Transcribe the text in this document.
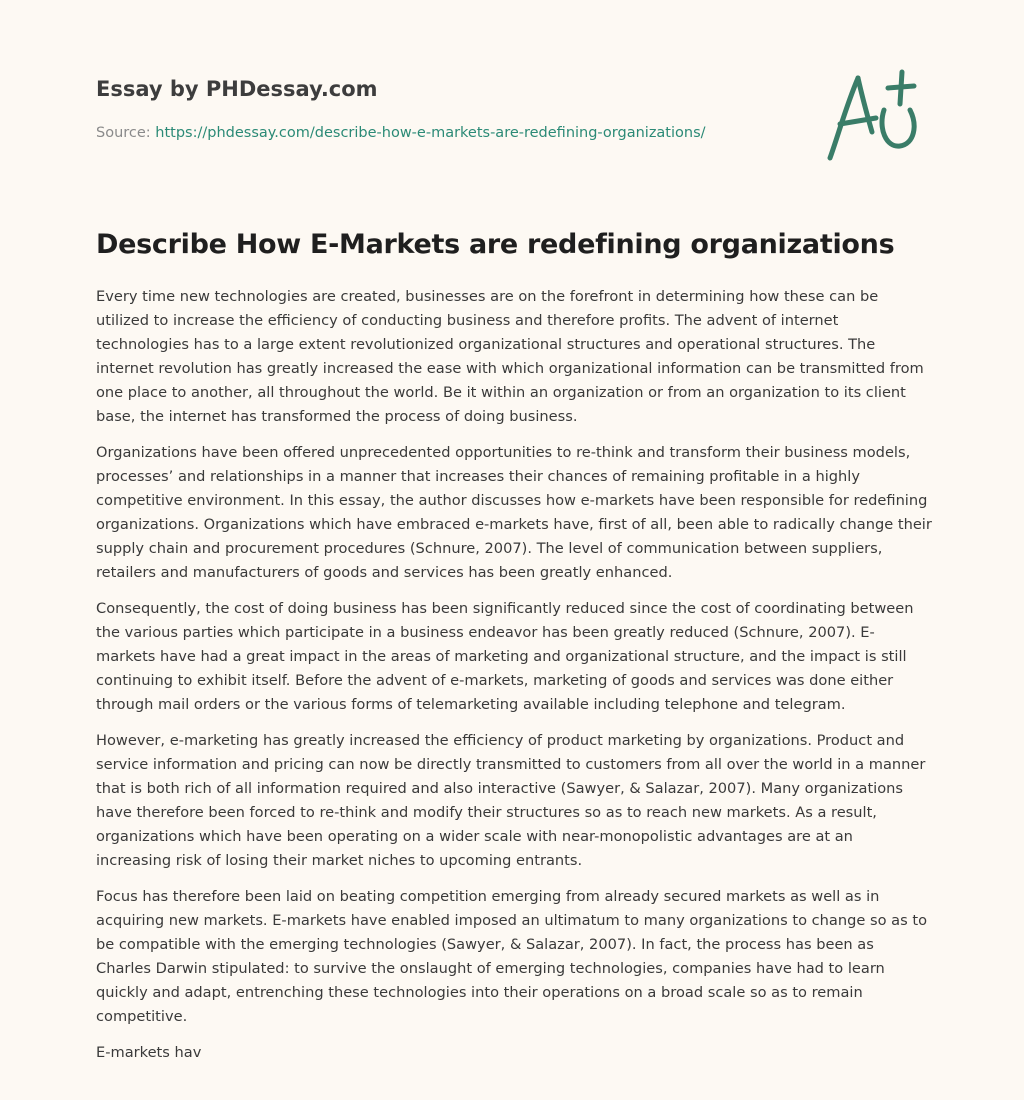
Essay by PHDessay.com
Source: https://phdessay.com/describe-how-e-markets-are-redefining-organizations/
Describe How E-Markets are redefining organizations

Every time new technologies are created, businesses are on the forefront in determining how these can be utilized to increase the efficiency of conducting business and therefore profits. The advent of internet technologies has to a large extent revolutionized organizational structures and operational structures. The internet revolution has greatly increased the ease with which organizational information can be transmitted from one place to another, all throughout the world. Be it within an organization or from an organization to its client base, the internet has transformed the process of doing business.

Organizations have been offered unprecedented opportunities to re-think and transform their business models, processes’ and relationships in a manner that increases their chances of remaining profitable in a highly competitive environment. In this essay, the author discusses how e-markets have been responsible for redefining organizations. Organizations which have embraced e-markets have, first of all, been able to radically change their supply chain and procurement procedures (Schnure, 2007). The level of communication between suppliers, retailers and manufacturers of goods and services has been greatly enhanced.

Consequently, the cost of doing business has been significantly reduced since the cost of coordinating between the various parties which participate in a business endeavor has been greatly reduced (Schnure, 2007). E-markets have had a great impact in the areas of marketing and organizational structure, and the impact is still continuing to exhibit itself. Before the advent of e-markets, marketing of goods and services was done either through mail orders or the various forms of telemarketing available including telephone and telegram.

However, e-marketing has greatly increased the efficiency of product marketing by organizations. Product and service information and pricing can now be directly transmitted to customers from all over the world in a manner that is both rich of all information required and also interactive (Sawyer, & Salazar, 2007). Many organizations have therefore been forced to re-think and modify their structures so as to reach new markets. As a result, organizations which have been operating on a wider scale with near-monopolistic advantages are at an increasing risk of losing their market niches to upcoming entrants.

Focus has therefore been laid on beating competition emerging from already secured markets as well as in acquiring new markets. E-markets have enabled imposed an ultimatum to many organizations to change so as to be compatible with the emerging technologies (Sawyer, & Salazar, 2007). In fact, the process has been as Charles Darwin stipulated: to survive the onslaught of emerging technologies, companies have had to learn quickly and adapt, entrenching these technologies into their operations on a broad scale so as to remain competitive.

E-markets hav
